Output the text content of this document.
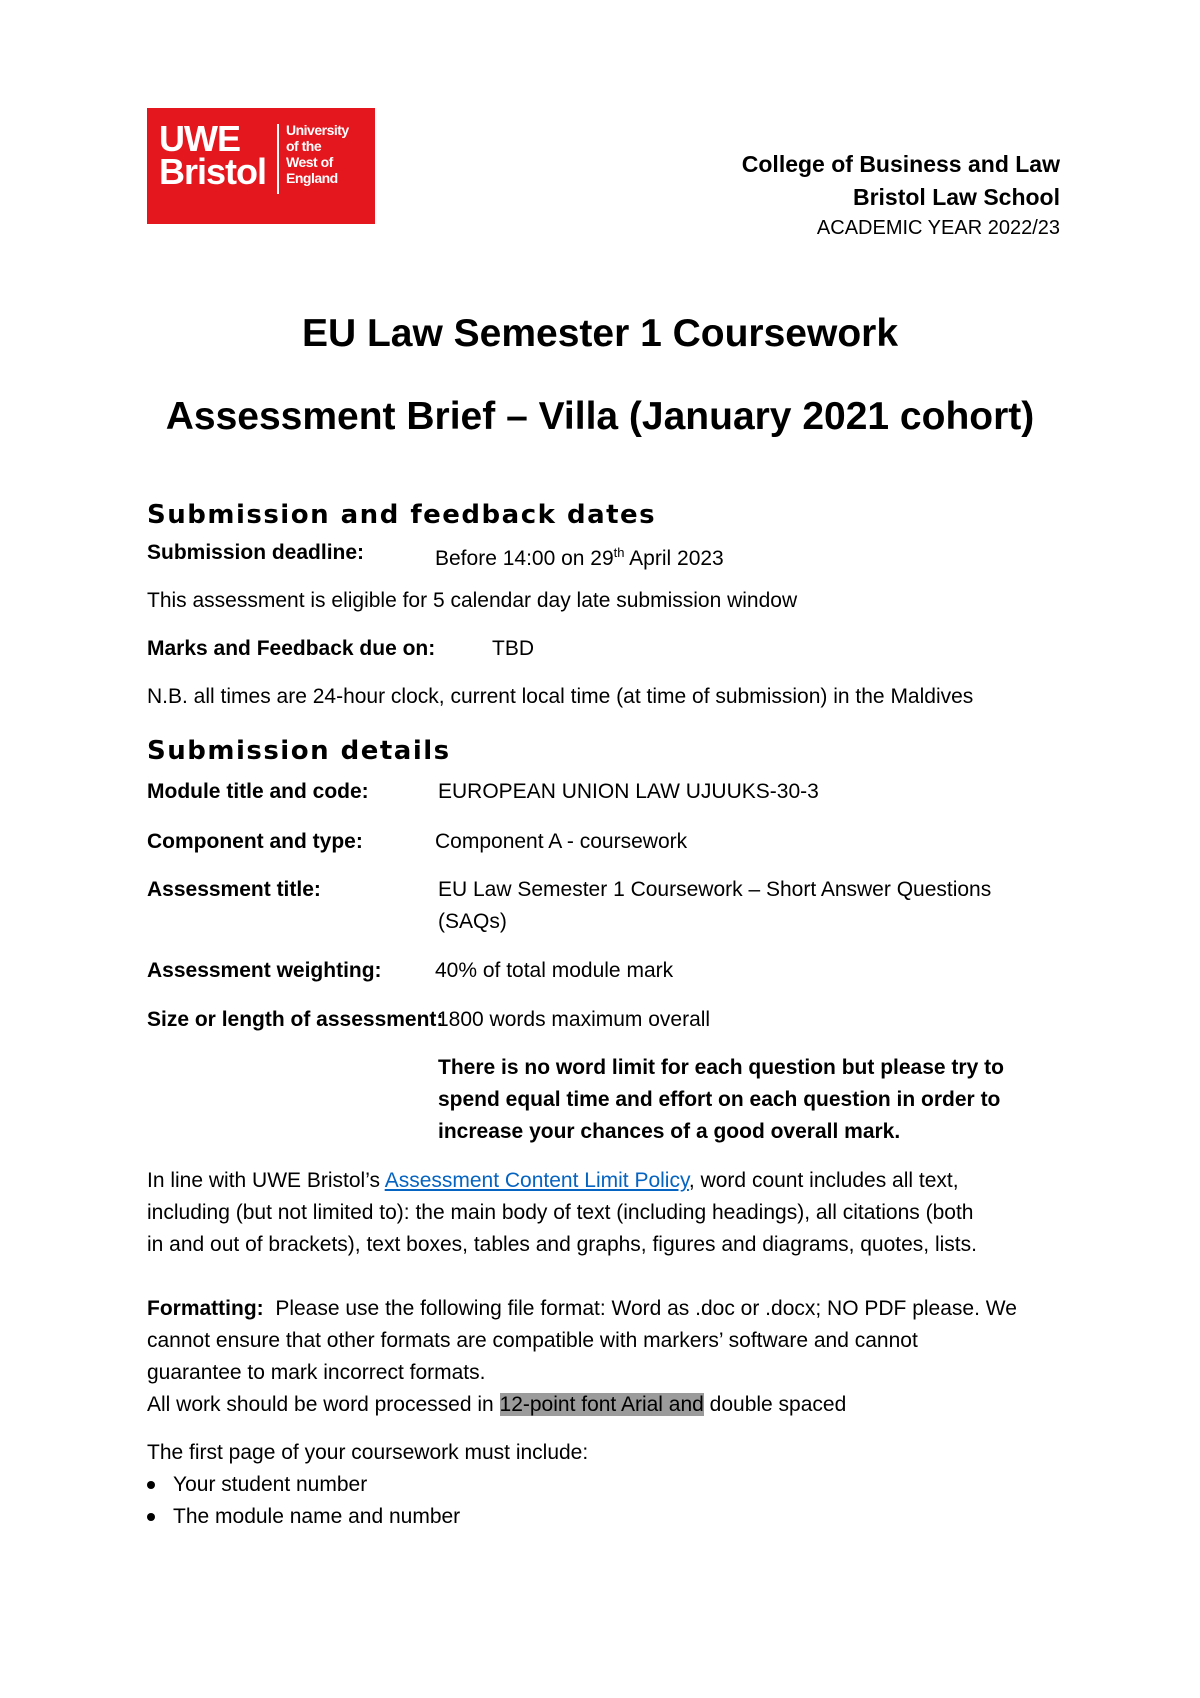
UWE
Bristol
University
of the
West of
England
College of Business and Law
Bristol Law School
ACADEMIC YEAR 2022/23
EU Law Semester 1 Coursework
Assessment Brief – Villa (January 2021 cohort)
Submission and feedback dates
Submission deadline:	Before 14:00 on 29th April 2023
This assessment is eligible for 5 calendar day late submission window
Marks and Feedback due on:	TBD
N.B. all times are 24-hour clock, current local time (at time of submission) in the Maldives
Submission details
Module title and code:	EUROPEAN UNION LAW UJUUKS-30-3
Component and type:	Component A - coursework
Assessment title:	EU Law Semester 1 Coursework – Short Answer Questions
(SAQs)
Assessment weighting:	40% of total module mark
Size or length of assessment:
1800 words maximum overall
There is no word limit for each question but please try to
spend equal time and effort on each question in order to
increase your chances of a good overall mark.
In line with UWE Bristol’s Assessment Content Limit Policy, word count includes all text,
including (but not limited to): the main body of text (including headings), all citations (both
in and out of brackets), text boxes, tables and graphs, figures and diagrams, quotes, lists.
Formatting:  Please use the following file format: Word as .doc or .docx; NO PDF please. We
cannot ensure that other formats are compatible with markers’ software and cannot
guarantee to mark incorrect formats.
All work should be word processed in 12-point font Arial and double spaced
The first page of your coursework must include:
Your student number
The module name and number
